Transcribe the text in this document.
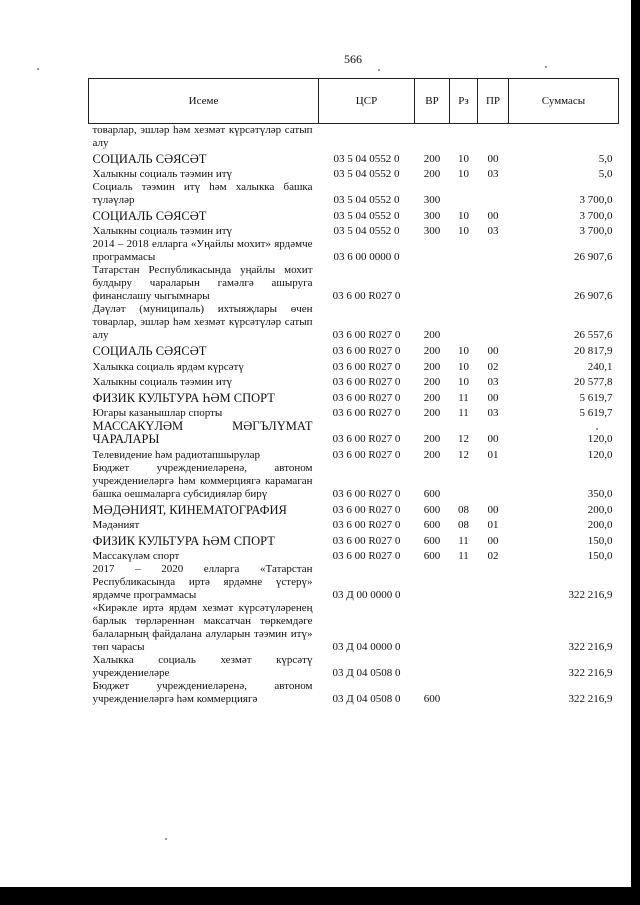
566
Исеме	ЦСР	ВР	Рз	ПР	Суммасы
товарлар, эшләр һәм хезмәт күрсәтүләр сатып алу					
СОЦИАЛЬ СӘЯСӘТ	03 5 04 0552 0	200	10	00	5,0
Халыкны социаль тәэмин итү	03 5 04 0552 0	200	10	03	5,0
Социаль тәэмин итү һәм халыкка башка түләүләр	03 5 04 0552 0	300			3 700,0
СОЦИАЛЬ СӘЯСӘТ	03 5 04 0552 0	300	10	00	3 700,0
Халыкны социаль тәэмин итү	03 5 04 0552 0	300	10	03	3 700,0
2014 – 2018 елларга «Уңайлы мохит» ярдәмче программасы	03 6 00 0000 0				26 907,6
Татарстан Республикасында уңайлы мохит булдыру чараларын гамәлгә ашыруга финанслашу чыгымнары	03 6 00 R027 0				26 907,6
Дәүләт (муниципаль) ихтыяҗлары өчен товарлар, эшләр һәм хезмәт күрсәтүләр сатып алу	03 6 00 R027 0	200			26 557,6
СОЦИАЛЬ СӘЯСӘТ	03 6 00 R027 0	200	10	00	20 817,9
Халыкка социаль ярдәм күрсәтү	03 6 00 R027 0	200	10	02	240,1
Халыкны социаль тәэмин итү	03 6 00 R027 0	200	10	03	20 577,8
ФИЗИК КУЛЬТУРА ҺӘМ СПОРТ	03 6 00 R027 0	200	11	00	5 619,7
Югары казанышлар спорты	03 6 00 R027 0	200	11	03	5 619,7
МАССАКҮЛӘМ МӘГЪЛҮМАТ ЧАРАЛАРЫ	03 6 00 R027 0	200	12	00	120,0
Телевидение һәм радиотапшырулар	03 6 00 R027 0	200	12	01	120,0
Бюджет учреждениеләренә, автоном учреждениеләргә һәм коммерциягә карамаган башка оешмаларга субсидияләр бирү	03 6 00 R027 0	600			350,0
МӘДӘНИЯТ, КИНЕМАТОГРАФИЯ	03 6 00 R027 0	600	08	00	200,0
Мәдәният	03 6 00 R027 0	600	08	01	200,0
ФИЗИК КУЛЬТУРА ҺӘМ СПОРТ	03 6 00 R027 0	600	11	00	150,0
Массакүләм спорт	03 6 00 R027 0	600	11	02	150,0
2017 – 2020 елларга «Татарстан Республикасында иртә ярдәмне үстерү» ярдәмче программасы	03 Д 00 0000 0				322 216,9
«Кирәкле иртә ярдәм хезмәт күрсәтүләренең барлык төрләреннән максатчан төркемдәге балаларның файдалана алуларын тәэмин итү» төп чарасы	03 Д 04 0000 0				322 216,9
Халыкка социаль хезмәт күрсәтү учреждениеләре	03 Д 04 0508 0				322 216,9
Бюджет учреждениеләренә, автоном учреждениеләргә һәм коммерциягә	03 Д 04 0508 0	600			322 216,9
